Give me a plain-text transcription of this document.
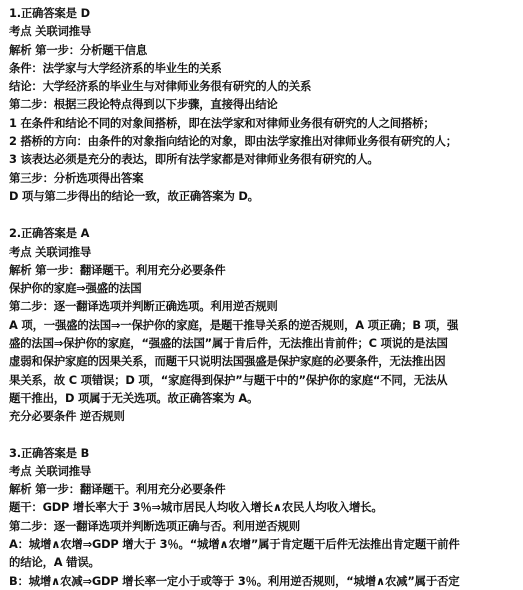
1.正确答案是 D
考点 关联词推导
解析 第一步：分析题干信息
条件：法学家与大学经济系的毕业生的关系
结论：大学经济系的毕业生与对律师业务很有研究的人的关系
第二步：根据三段论特点得到以下步骤，直接得出结论
1 在条件和结论不同的对象间搭桥，即在法学家和对律师业务很有研究的人之间搭桥；
2 搭桥的方向：由条件的对象指向结论的对象，即由法学家推出对律师业务很有研究的人；
3 该表达必须是充分的表达，即所有法学家都是对律师业务很有研究的人。
第三步：分析选项得出答案
D 项与第二步得出的结论一致，故正确答案为 D。
2.正确答案是 A
考点 关联词推导
解析 第一步：翻译题干。利用充分必要条件
保护你的家庭⇒强盛的法国
第二步：逐一翻译选项并判断正确选项。利用逆否规则
A 项，一强盛的法国⇒一保护你的家庭，是题干推导关系的逆否规则，A 项正确；B 项，强
盛的法国⇒保护你的家庭，“强盛的法国”属于肯后件，无法推出肯前件；C 项说的是法国
虚弱和保护家庭的因果关系，而题干只说明法国强盛是保护家庭的必要条件，无法推出因
果关系，故 C 项错误；D 项，“家庭得到保护”与题干中的”保护你的家庭“不同，无法从
题干推出，D 项属于无关选项。故正确答案为 A。
充分必要条件 逆否规则
3.正确答案是 B
考点 关联词推导
解析 第一步：翻译题干。利用充分必要条件
题干：GDP 增长率大于 3％⇒城市居民人均收入增长∧农民人均收入增长。
第二步：逐一翻译选项并判断选项正确与否。利用逆否规则
A：城增∧农增⇒GDP 增大于 3％。“城增∧农增”属于肯定题干后件无法推出肯定题干前件
的结论，A 错误。
B：城增∧农减⇒GDP 增长率一定小于或等于 3％。利用逆否规则，“城增∧农减”属于否定
